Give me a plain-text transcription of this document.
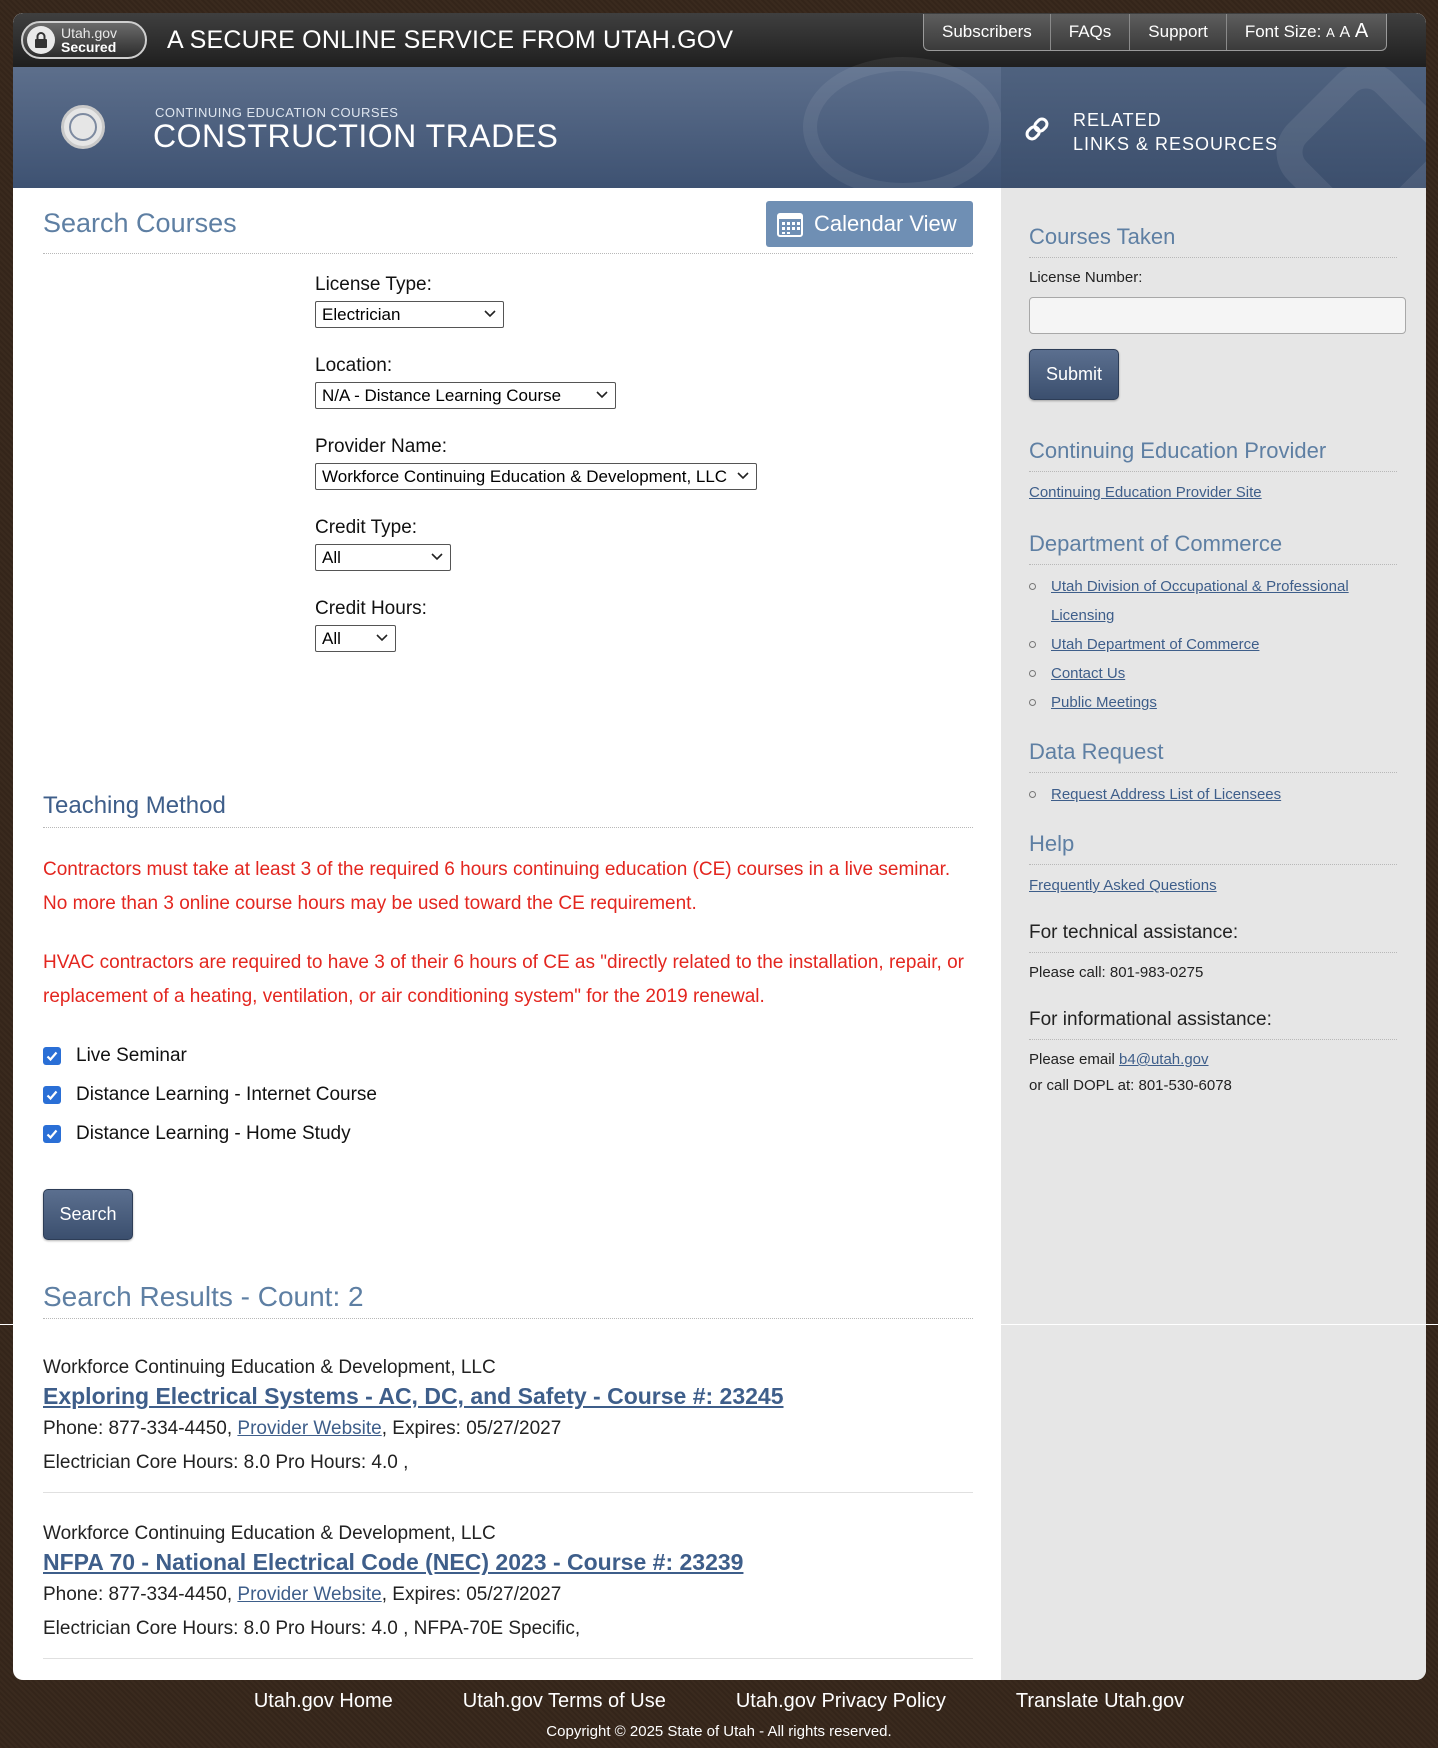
Utah.gov
Secured A SECURE ONLINE SERVICE FROM UTAH.GOV	Subscribers	FAQs	Support	Font Size: A A A
CONTINUING EDUCATION COURSES
CONSTRUCTION TRADES	RELATED
LINKS & RESOURCES
Search Courses	Calendar View
License Type:
Electrician
Location:
N/A - Distance Learning Course
Provider Name:
Workforce Continuing Education & Development, LLC
Credit Type:
All
Credit Hours:
All
Teaching Method
Contractors must take at least 3 of the required 6 hours continuing education (CE) courses in a live seminar. No more than 3 online course hours may be used toward the CE requirement.
HVAC contractors are required to have 3 of their 6 hours of CE as "directly related to the installation, repair, or replacement of a heating, ventilation, or air conditioning system" for the 2019 renewal.
Live Seminar
Distance Learning - Internet Course
Distance Learning - Home Study
Search
Search Results - Count: 2
Workforce Continuing Education & Development, LLC
Exploring Electrical Systems - AC, DC, and Safety - Course #: 23245
Phone: 877-334-4450, Provider Website, Expires: 05/27/2027
Electrician Core Hours: 8.0 Pro Hours: 4.0 ,
Workforce Continuing Education & Development, LLC
NFPA 70 - National Electrical Code (NEC) 2023 - Course #: 23239
Phone: 877-334-4450, Provider Website, Expires: 05/27/2027
Electrician Core Hours: 8.0 Pro Hours: 4.0 , NFPA-70E Specific,
Courses Taken
License Number:
Submit
Continuing Education Provider
Continuing Education Provider Site
Department of Commerce
Utah Division of Occupational & Professional Licensing
Utah Department of Commerce
Contact Us
Public Meetings
Data Request
Request Address List of Licensees
Help
Frequently Asked Questions
For technical assistance:
Please call: 801-983-0275
For informational assistance:
Please email b4@utah.gov
or call DOPL at: 801-530-6078
Utah.gov Home	Utah.gov Terms of Use	Utah.gov Privacy Policy	Translate Utah.gov
Copyright © 2025 State of Utah - All rights reserved.
